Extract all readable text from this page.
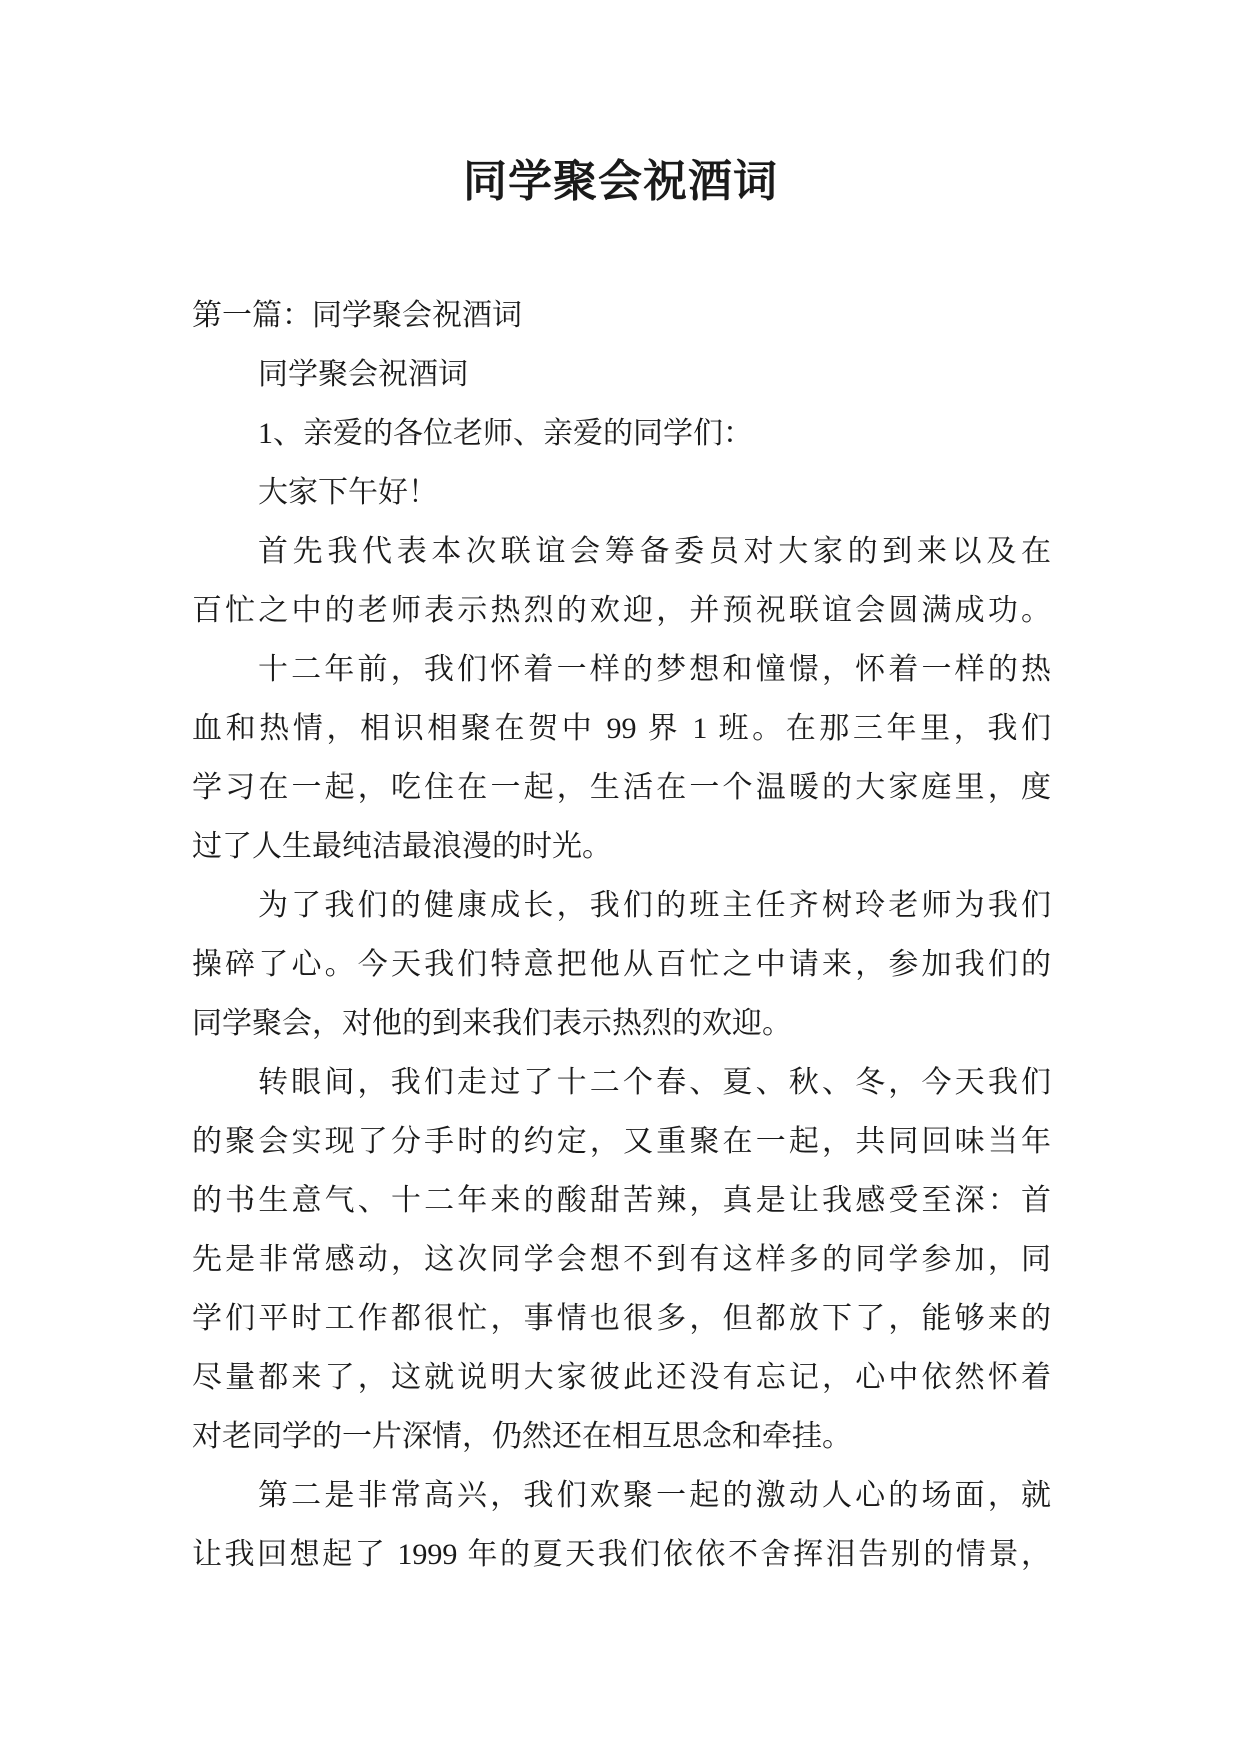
同学聚会祝酒词
第一篇：同学聚会祝酒词
同学聚会祝酒词
1、亲爱的各位老师、亲爱的同学们：
大家下午好！
首先我代表本次联谊会筹备委员对大家的到来以及在
百忙之中的老师表示热烈的欢迎，并预祝联谊会圆满成功。
十二年前，我们怀着一样的梦想和憧憬，怀着一样的热
血和热情，相识相聚在贺中 99 界 1 班。在那三年里，我们
学习在一起，吃住在一起，生活在一个温暖的大家庭里，度
过了人生最纯洁最浪漫的时光。
为了我们的健康成长，我们的班主任齐树玲老师为我们
操碎了心。今天我们特意把他从百忙之中请来，参加我们的
同学聚会，对他的到来我们表示热烈的欢迎。
转眼间，我们走过了十二个春、夏、秋、冬，今天我们
的聚会实现了分手时的约定，又重聚在一起，共同回味当年
的书生意气、十二年来的酸甜苦辣，真是让我感受至深：首
先是非常感动，这次同学会想不到有这样多的同学参加，同
学们平时工作都很忙，事情也很多，但都放下了，能够来的
尽量都来了，这就说明大家彼此还没有忘记，心中依然怀着
对老同学的一片深情，仍然还在相互思念和牵挂。
第二是非常高兴，我们欢聚一起的激动人心的场面，就
让我回想起了 1999 年的夏天我们依依不舍挥泪告别的情景，
